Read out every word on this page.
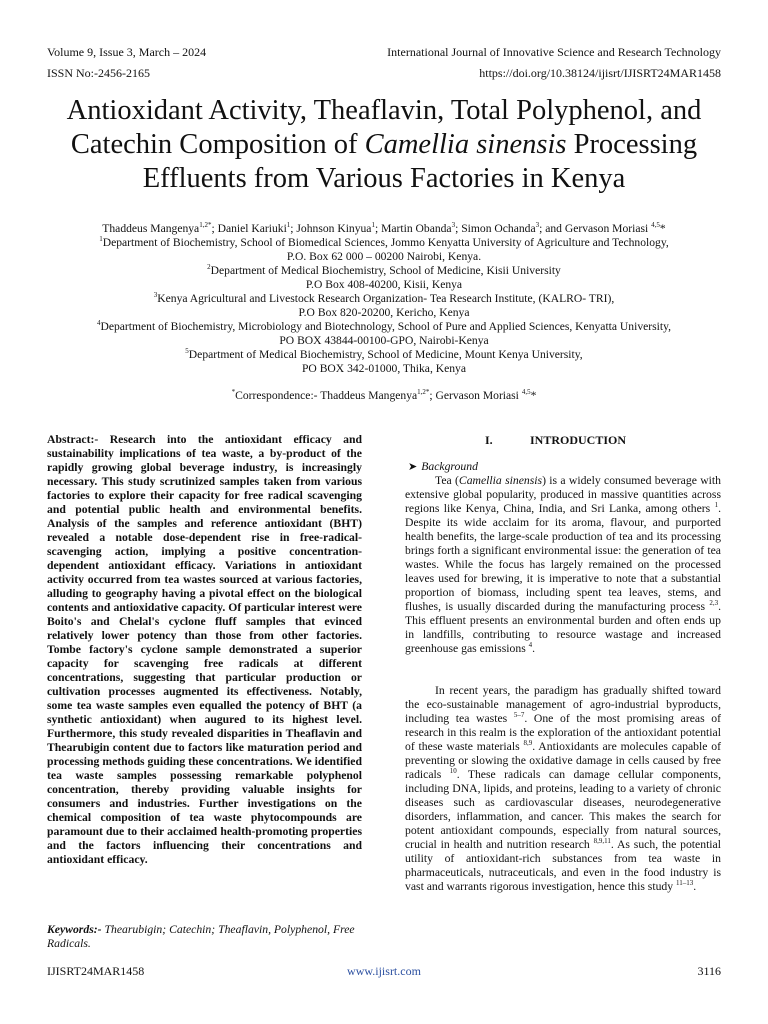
Volume 9, Issue 3, March – 2024	International Journal of Innovative Science and Research Technology
ISSN No:-2456-2165	https://doi.org/10.38124/ijisrt/IJISRT24MAR1458
Antioxidant Activity, Theaflavin, Total Polyphenol, and
Catechin Composition of Camellia sinensis Processing
Effluents from Various Factories in Kenya
Thaddeus Mangenya$^{1,2*}$; Daniel Kariuki$^1$; Johnson Kinyua$^1$; Martin Obanda$^3$; Simon Ochanda$^3$; and Gervason Moriasi $^{4,5}$*
$^1$Department of Biochemistry, School of Biomedical Sciences, Jommo Kenyatta University of Agriculture and Technology,
P.O. Box 62 000 – 00200 Nairobi, Kenya.
$^2$Department of Medical Biochemistry, School of Medicine, Kisii University
P.O Box 408-40200, Kisii, Kenya
$^3$Kenya Agricultural and Livestock Research Organization- Tea Research Institute, (KALRO- TRI),
P.O Box 820-20200, Kericho, Kenya
$^4$Department of Biochemistry, Microbiology and Biotechnology, School of Pure and Applied Sciences, Kenyatta University,
PO BOX 43844-00100-GPO, Nairobi-Kenya
$^5$Department of Medical Biochemistry, School of Medicine, Mount Kenya University,
PO BOX 342-01000, Thika, Kenya
*Correspondence:- Thaddeus Mangenya$^{1,2*}$; Gervason Moriasi $^{4,5}$*

Abstract:- Research into the antioxidant efficacy and sustainability implications of tea waste, a by-product of the rapidly growing global beverage industry, is increasingly necessary. This study scrutinized samples taken from various factories to explore their capacity for free radical scavenging and potential public health and environmental benefits. Analysis of the samples and reference antioxidant (BHT) revealed a notable dose-dependent rise in free-radical-scavenging action, implying a positive concentration-dependent antioxidant efficacy. Variations in antioxidant activity occurred from tea wastes sourced at various factories, alluding to geography having a pivotal effect on the biological contents and antioxidative capacity. Of particular interest were Boito's and Chelal's cyclone fluff samples that evinced relatively lower potency than those from other factories. Tombe factory's cyclone sample demonstrated a superior capacity for scavenging free radicals at different concentrations, suggesting that particular production or cultivation processes augmented its effectiveness. Notably, some tea waste samples even equalled the potency of BHT (a synthetic antioxidant) when augured to its highest level. Furthermore, this study revealed disparities in Theaflavin and Thearubigin content due to factors like maturation period and processing methods guiding these concentrations. We identified tea waste samples possessing remarkable polyphenol concentration, thereby providing valuable insights for consumers and industries. Further investigations on the chemical composition of tea waste phytocompounds are paramount due to their acclaimed health-promoting properties and the factors influencing their concentrations and antioxidant efficacy.

Keywords:- Thearubigin; Catechin; Theaflavin, Polyphenol, Free Radicals.

I.	INTRODUCTION
➤ Background

Tea (Camellia sinensis) is a widely consumed beverage with extensive global popularity, produced in massive quantities across regions like Kenya, China, India, and Sri Lanka, among others $^1$. Despite its wide acclaim for its aroma, flavour, and purported health benefits, the large-scale production of tea and its processing brings forth a significant environmental issue: the generation of tea wastes. While the focus has largely remained on the processed leaves used for brewing, it is imperative to note that a substantial proportion of biomass, including spent tea leaves, stems, and flushes, is usually discarded during the manufacturing process $^{2,3}$. This effluent presents an environmental burden and often ends up in landfills, contributing to resource wastage and increased greenhouse gas emissions $^4$.

In recent years, the paradigm has gradually shifted toward the eco-sustainable management of agro-industrial byproducts, including tea wastes $^{5-7}$. One of the most promising areas of research in this realm is the exploration of the antioxidant potential of these waste materials $^{8,9}$. Antioxidants are molecules capable of preventing or slowing the oxidative damage in cells caused by free radicals $^{10}$. These radicals can damage cellular components, including DNA, lipids, and proteins, leading to a variety of chronic diseases such as cardiovascular diseases, neurodegenerative disorders, inflammation, and cancer. This makes the search for potent antioxidant compounds, especially from natural sources, crucial in health and nutrition research $^{8,9,11}$. As such, the potential utility of antioxidant-rich substances from tea waste in pharmaceuticals, nutraceuticals, and even in the food industry is vast and warrants rigorous investigation, hence this study $^{11-13}$.

IJISRT24MAR1458	www.ijisrt.com	3116
